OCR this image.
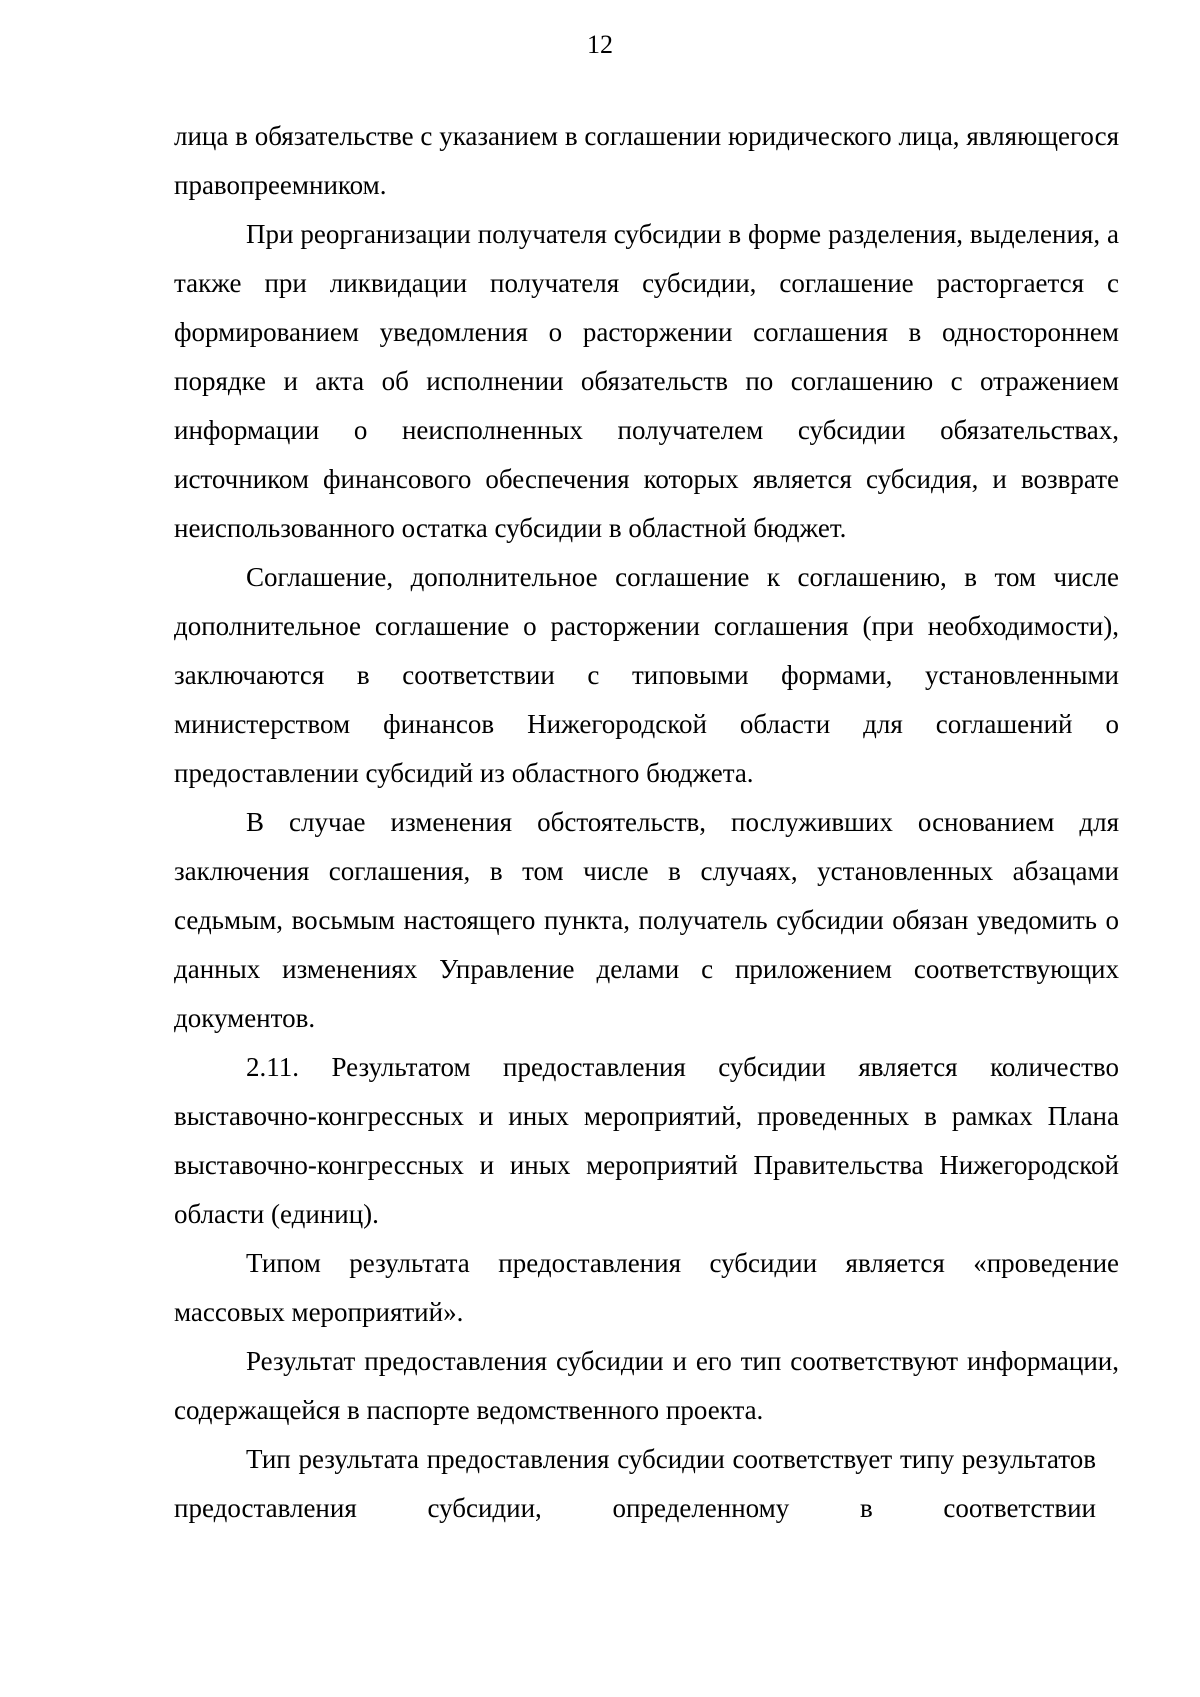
12

лица в обязательстве с указанием в соглашении юридического лица, являющегося правопреемником.

При реорганизации получателя субсидии в форме разделения, выделения, а также при ликвидации получателя субсидии, соглашение расторгается с формированием уведомления о расторжении соглашения в одностороннем порядке и акта об исполнении обязательств по соглашению с отражением информации о неисполненных получателем субсидии обязательствах, источником финансового обеспечения которых является субсидия, и возврате неиспользованного остатка субсидии в областной бюджет.

Соглашение, дополнительное соглашение к соглашению, в том числе дополнительное соглашение о расторжении соглашения (при необходимости), заключаются в соответствии с типовыми формами, установленными министерством финансов Нижегородской области для соглашений о предоставлении субсидий из областного бюджета.

В случае изменения обстоятельств, послуживших основанием для заключения соглашения, в том числе в случаях, установленных абзацами седьмым, восьмым настоящего пункта, получатель субсидии обязан уведомить о данных изменениях Управление делами с приложением соответствующих документов.

2.11. Результатом предоставления субсидии является количество выставочно-конгрессных и иных мероприятий, проведенных в рамках Плана выставочно-конгрессных и иных мероприятий Правительства Нижегородской области (единиц).

Типом результата предоставления субсидии является «проведение массовых мероприятий».

Результат предоставления субсидии и его тип соответствуют информации, содержащейся в паспорте ведомственного проекта.

Тип результата предоставления субсидии соответствует типу результатов предоставления субсидии, определенному в соответствии
